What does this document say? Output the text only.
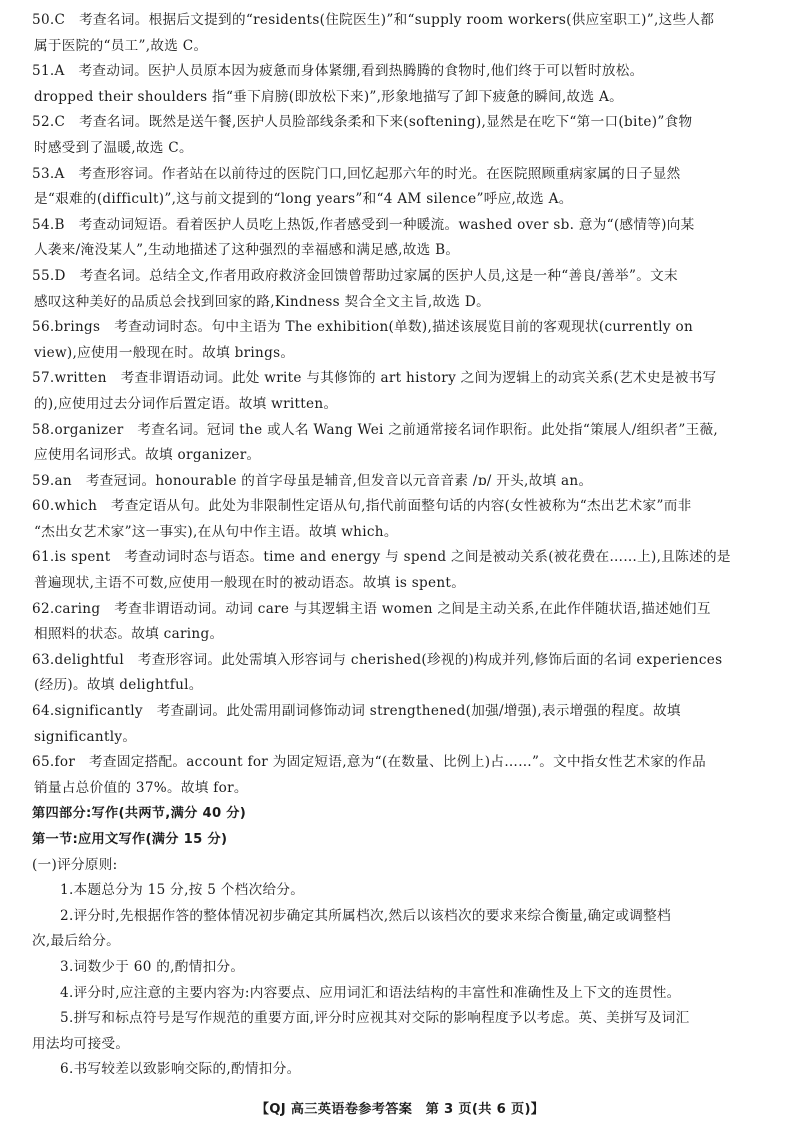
50.C　考查名词。根据后文提到的“residents(住院医生)”和“supply room workers(供应室职工)”,这些人都

属于医院的“员工”,故选 C。

51.A　考查动词。医护人员原本因为疲惫而身体紧绷,看到热腾腾的食物时,他们终于可以暂时放松。

dropped their shoulders 指“垂下肩膀(即放松下来)”,形象地描写了卸下疲惫的瞬间,故选 A。

52.C　考查名词。既然是送午餐,医护人员脸部线条柔和下来(softening),显然是在吃下“第一口(bite)”食物

时感受到了温暖,故选 C。

53.A　考查形容词。作者站在以前待过的医院门口,回忆起那六年的时光。在医院照顾重病家属的日子显然

是“艰难的(difficult)”,这与前文提到的“long years”和“4 AM silence”呼应,故选 A。

54.B　考查动词短语。看着医护人员吃上热饭,作者感受到一种暖流。washed over sb. 意为“(感情等)向某

人袭来/淹没某人”,生动地描述了这种强烈的幸福感和满足感,故选 B。

55.D　考查名词。总结全文,作者用政府救济金回馈曾帮助过家属的医护人员,这是一种“善良/善举”。文末

感叹这种美好的品质总会找到回家的路,Kindness 契合全文主旨,故选 D。

56.brings　考查动词时态。句中主语为 The exhibition(单数),描述该展览目前的客观现状(currently on

view),应使用一般现在时。故填 brings。

57.written　考查非谓语动词。此处 write 与其修饰的 art history 之间为逻辑上的动宾关系(艺术史是被书写

的),应使用过去分词作后置定语。故填 written。

58.organizer　考查名词。冠词 the 或人名 Wang Wei 之前通常接名词作职衔。此处指“策展人/组织者”王薇,

应使用名词形式。故填 organizer。

59.an　考查冠词。honourable 的首字母虽是辅音,但发音以元音音素 /ɒ/ 开头,故填 an。

60.which　考查定语从句。此处为非限制性定语从句,指代前面整句话的内容(女性被称为“杰出艺术家”而非

“杰出女艺术家”这一事实),在从句中作主语。故填 which。

61.is spent　考查动词时态与语态。time and energy 与 spend 之间是被动关系(被花费在……上),且陈述的是

普遍现状,主语不可数,应使用一般现在时的被动语态。故填 is spent。

62.caring　考查非谓语动词。动词 care 与其逻辑主语 women 之间是主动关系,在此作伴随状语,描述她们互

相照料的状态。故填 caring。

63.delightful　考查形容词。此处需填入形容词与 cherished(珍视的)构成并列,修饰后面的名词 experiences

(经历)。故填 delightful。

64.significantly　考查副词。此处需用副词修饰动词 strengthened(加强/增强),表示增强的程度。故填

significantly。

65.for　考查固定搭配。account for 为固定短语,意为“(在数量、比例上)占……”。文中指女性艺术家的作品

销量占总价值的 37%。故填 for。

第四部分:写作(共两节,满分 40 分)

第一节:应用文写作(满分 15 分)

(一)评分原则:

1.本题总分为 15 分,按 5 个档次给分。

2.评分时,先根据作答的整体情况初步确定其所属档次,然后以该档次的要求来综合衡量,确定或调整档

次,最后给分。

3.词数少于 60 的,酌情扣分。

4.评分时,应注意的主要内容为:内容要点、应用词汇和语法结构的丰富性和准确性及上下文的连贯性。

5.拼写和标点符号是写作规范的重要方面,评分时应视其对交际的影响程度予以考虑。英、美拼写及词汇

用法均可接受。

6.书写较差以致影响交际的,酌情扣分。

【QJ 高三英语卷参考答案　第 3 页(共 6 页)】
